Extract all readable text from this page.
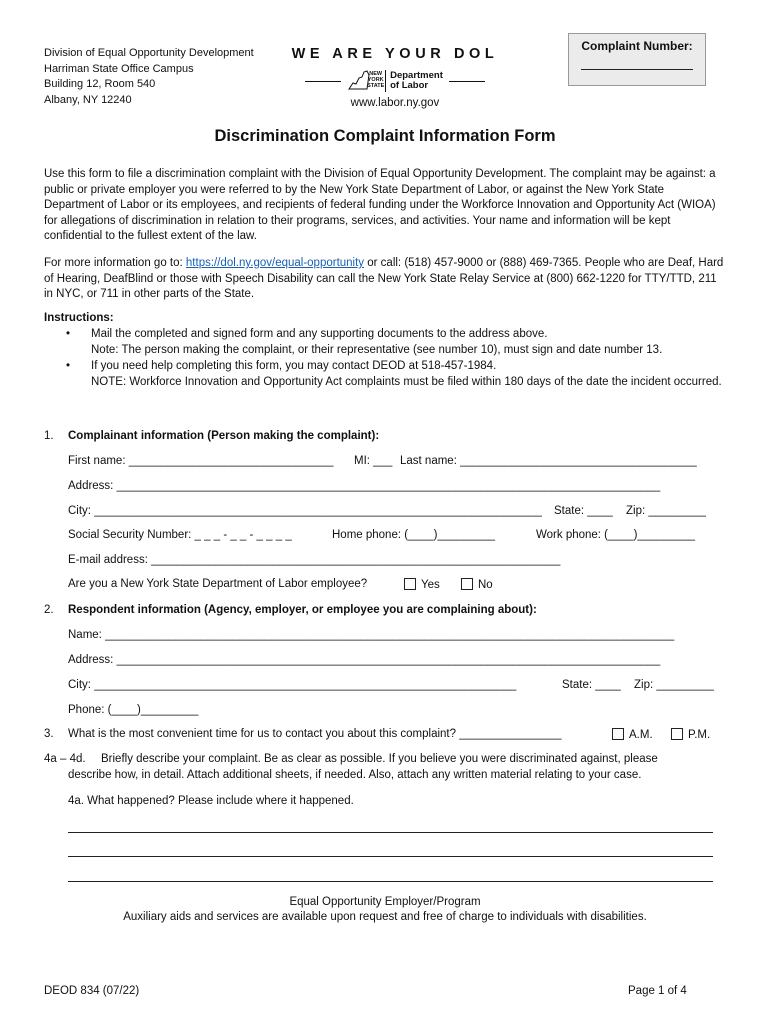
Division of Equal Opportunity Development
Harriman State Office Campus
Building 12, Room 540
Albany, NY 12240
WE ARE YOUR DOL
NEW YORK STATE
Department
of Labor
www.labor.ny.gov
Complaint Number:
Discrimination Complaint Information Form
Use this form to file a discrimination complaint with the Division of Equal Opportunity Development. The complaint may be against: a public or private employer you were referred to by the New York State Department of Labor, or against the New York State Department of Labor or its employees, and recipients of federal funding under the Workforce Innovation and Opportunity Act (WIOA) for allegations of discrimination in relation to their programs, services, and activities. Your name and information will be kept confidential to the fullest extent of the law.
For more information go to: https://dol.ny.gov/equal-opportunity or call: (518) 457-9000 or (888) 469-7365. People who are Deaf, Hard of Hearing, DeafBlind or those with Speech Disability can call the New York State Relay Service at (800) 662-1220 for TTY/TTD, 211 in NYC, or 711 in other parts of the State.
Instructions:
• Mail the completed and signed form and any supporting documents to the address above.
Note: The person making the complaint, or their representative (see number 10), must sign and date number 13.
• If you need help completing this form, you may contact DEOD at 518-457-1984.
NOTE: Workforce Innovation and Opportunity Act complaints must be filed within 180 days of the date the incident occurred.
1. Complainant information (Person making the complaint):
First name: ________________________________ MI: ___ Last name: _____________________________________
Address: _____________________________________________________________________________________
City: ______________________________________________________________________ State: ____ Zip: _________
Social Security Number: _ _ _ - _ _ - _ _ _ _	Home phone: (____)_________	Work phone: (____)_________
E-mail address: ________________________________________________________________
Are you a New York State Department of Labor employee?	Yes	No
2. Respondent information (Agency, employer, or employee you are complaining about):
Name: _________________________________________________________________________________________
Address: _____________________________________________________________________________________
City: __________________________________________________________________	State: ____ Zip: _________
Phone: (____)_________
3. What is the most convenient time for us to contact you about this complaint? ________________	A.M.	P.M.
4a – 4d. Briefly describe your complaint. Be as clear as possible. If you believe you were discriminated against, please
describe how, in detail. Attach additional sheets, if needed. Also, attach any written material relating to your case.
4a. What happened? Please include where it happened.
Equal Opportunity Employer/Program
Auxiliary aids and services are available upon request and free of charge to individuals with disabilities.
DEOD 834 (07/22)	Page 1 of 4
